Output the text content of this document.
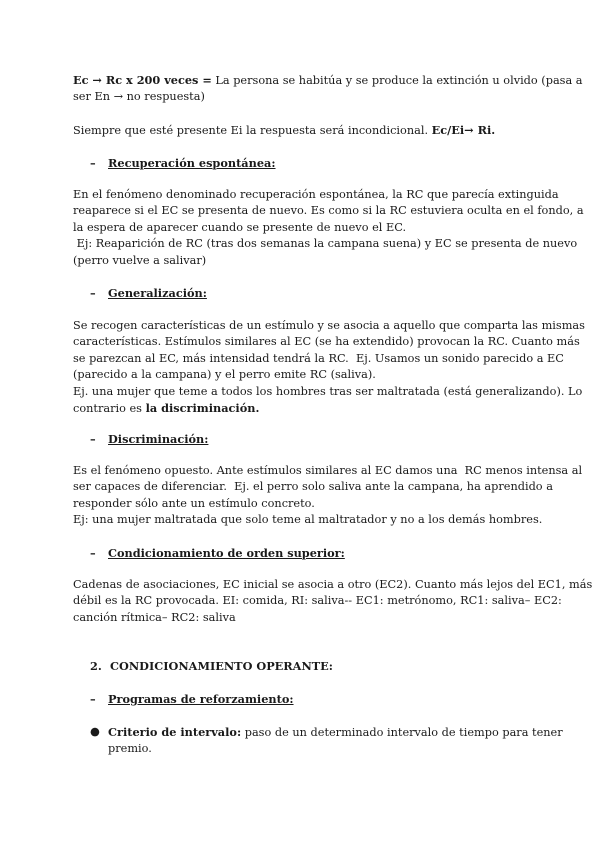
Ec → Rc x 200 veces = La persona se habitúa y se produce la extinción u olvido (pasa a
ser En → no respuesta)

Siempre que esté presente Ei la respuesta será incondicional. Ec/Ei→ Ri.

– Recuperación espontánea:

En el fenómeno denominado recuperación espontánea, la RC que parecía extinguida
reaparece si el EC se presenta de nuevo. Es como si la RC estuviera oculta en el fondo, a
la espera de aparecer cuando se presente de nuevo el EC.
Ej: Reaparición de RC (tras dos semanas la campana suena) y EC se presenta de nuevo
(perro vuelve a salivar)

– Generalización:

Se recogen características de un estímulo y se asocia a aquello que comparta las mismas
características. Estímulos similares al EC (se ha extendido) provocan la RC. Cuanto más
se parezcan al EC, más intensidad tendrá la RC.  Ej. Usamos un sonido parecido a EC
(parecido a la campana) y el perro emite RC (saliva).
Ej. una mujer que teme a todos los hombres tras ser maltratada (está generalizando). Lo
contrario es la discriminación.

– Discriminación:

Es el fenómeno opuesto. Ante estímulos similares al EC damos una  RC menos intensa al
ser capaces de diferenciar.  Ej. el perro solo saliva ante la campana, ha aprendido a
responder sólo ante un estímulo concreto.
Ej: una mujer maltratada que solo teme al maltratador y no a los demás hombres.

– Condicionamiento de orden superior:

Cadenas de asociaciones, EC inicial se asocia a otro (EC2). Cuanto más lejos del EC1, más
débil es la RC provocada. EI: comida, RI: saliva-- EC1: metrónomo, RC1: saliva– EC2:
canción rítmica– RC2: saliva

2. CONDICIONAMIENTO OPERANTE:

– Programas de reforzamiento:

● Criterio de intervalo: paso de un determinado intervalo de tiempo para tener
premio.
